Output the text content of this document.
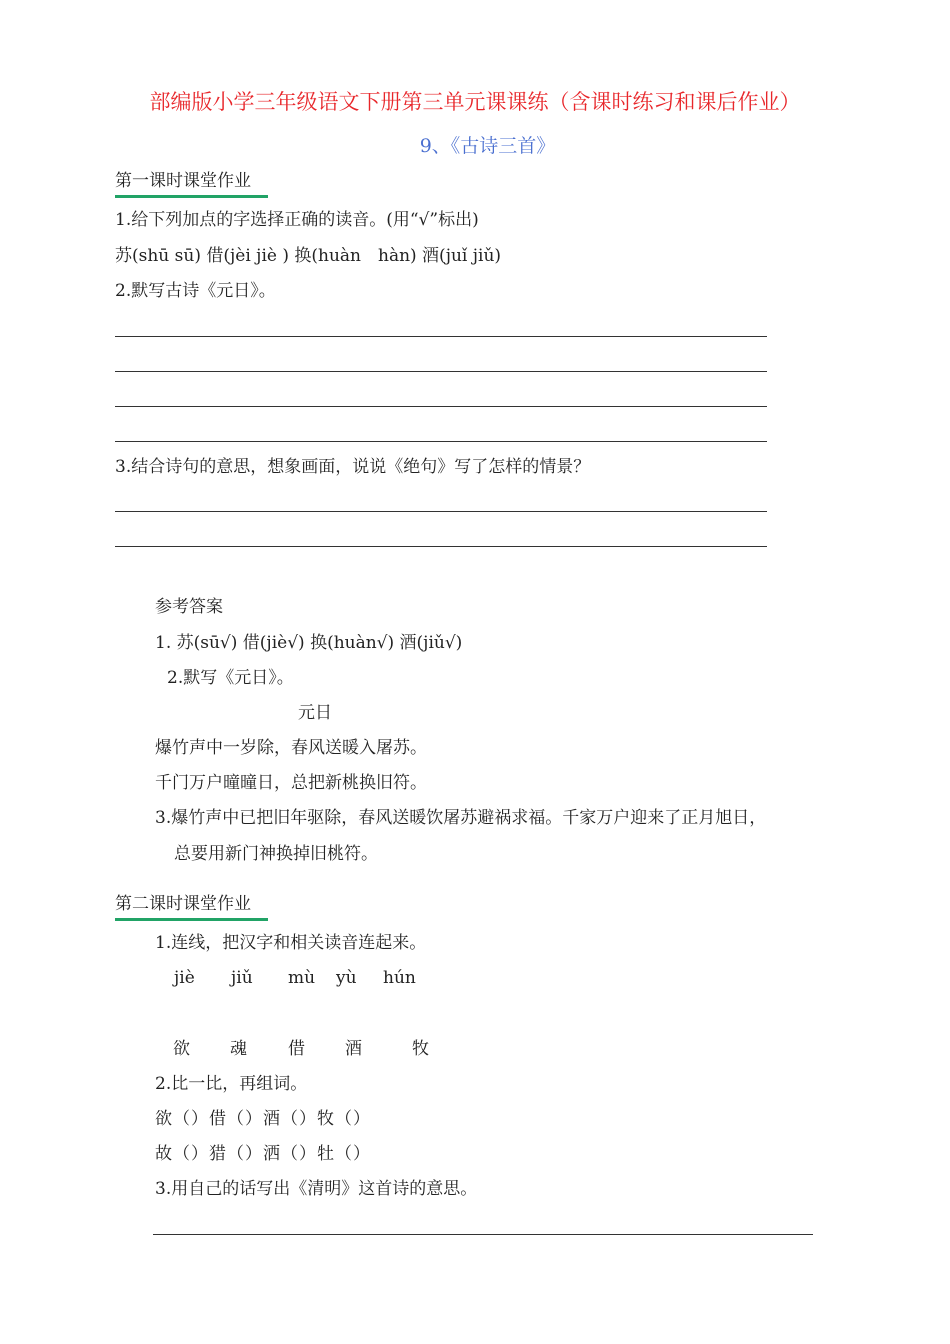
部编版小学三年级语文下册第三单元课课练（含课时练习和课后作业）
9、《古诗三首》
第一课时课堂作业
1.给下列加点的字选择正确的读音。(用“√”标出)
苏(shū sū) 借(jèi jiè ) 换(huàn　hàn) 酒(juǐ jiǔ)
2.默写古诗《元日》。
3.结合诗句的意思，想象画面，说说《绝句》写了怎样的情景？
参考答案
1. 苏(sū√) 借(jiè√) 换(huàn√) 酒(jiǔ√)
2.默写《元日》。
元日
爆竹声中一岁除，春风送暖入屠苏。
千门万户曈曈日，总把新桃换旧符。
3.爆竹声中已把旧年驱除，春风送暖饮屠苏避祸求福。千家万户迎来了正月旭日，
总要用新门神换掉旧桃符。
第二课时课堂作业
1.连线，把汉字和相关读音连起来。
jiè jiǔ mù yù hún
欲 魂 借 酒	牧
2.比一比，再组词。
欲（）借（）酒（）牧（）
故（）猎（）洒（）牡（）
3.用自己的话写出《清明》这首诗的意思。
